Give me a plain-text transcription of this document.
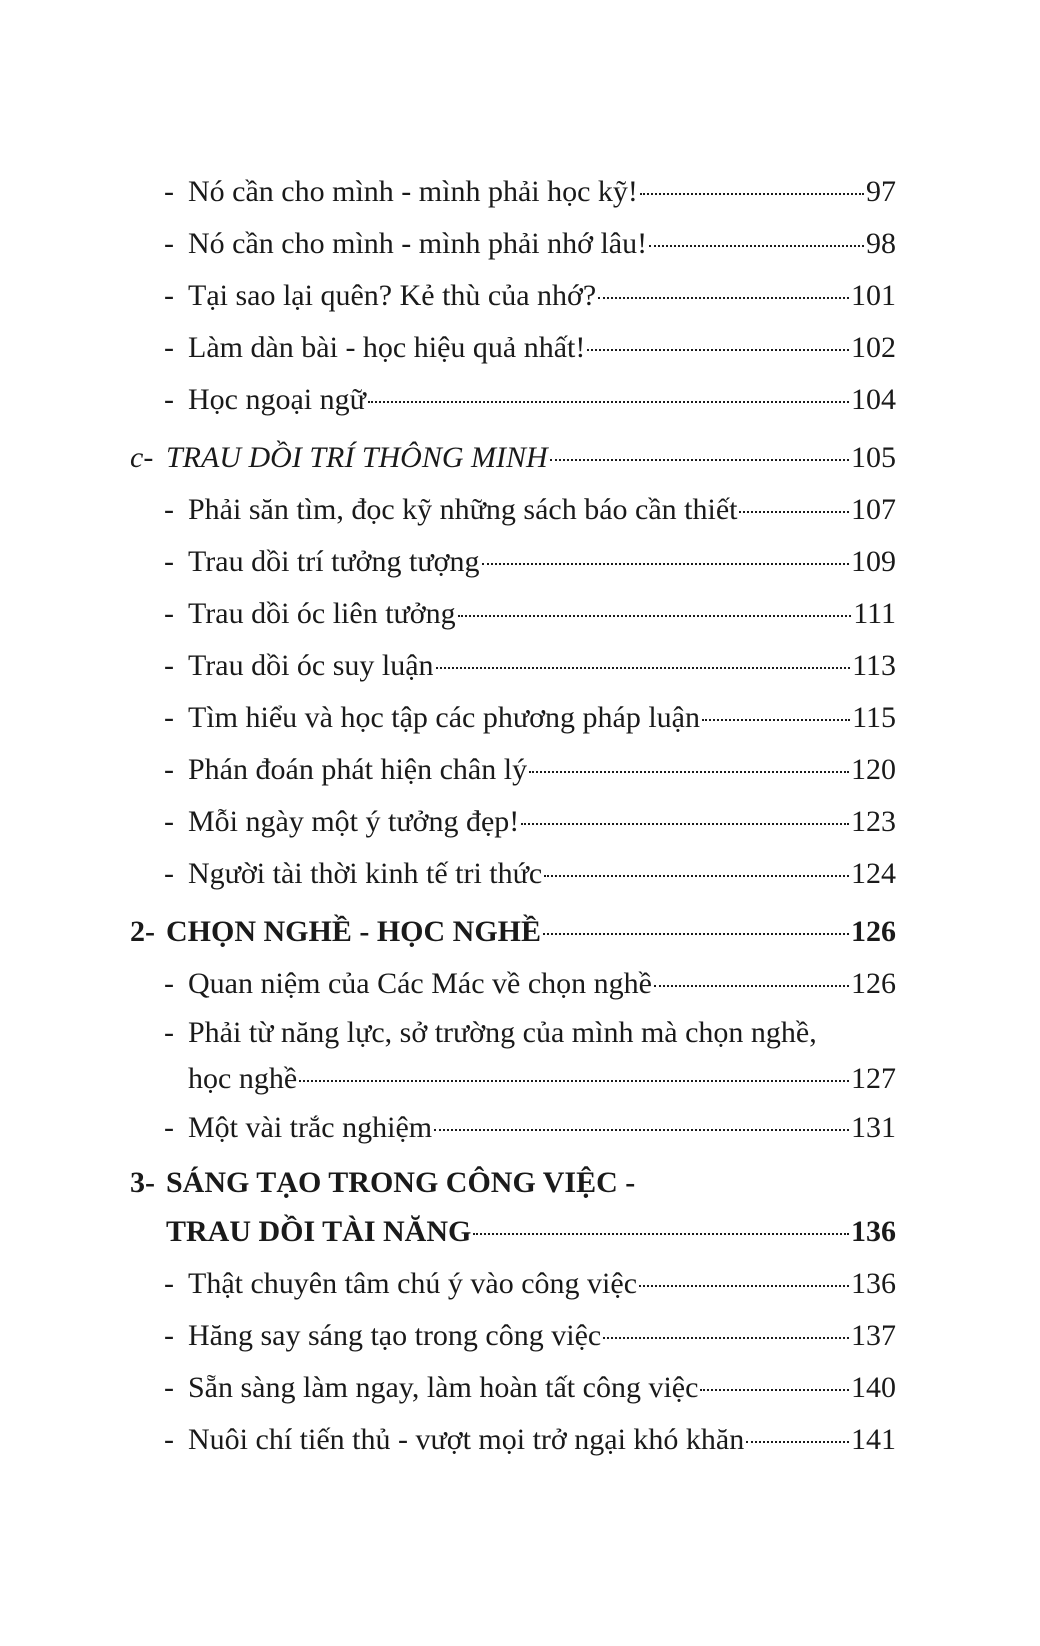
- Nó cần cho mình - mình phải học kỹ!	97
- Nó cần cho mình - mình phải nhớ lâu!	98
- Tại sao lại quên? Kẻ thù của nhớ?	101
- Làm dàn bài - học hiệu quả nhất!	102
- Học ngoại ngữ	104
c- TRAU DỒI TRÍ THÔNG MINH	105
- Phải săn tìm, đọc kỹ những sách báo cần thiết	107
- Trau dồi trí tưởng tượng	109
- Trau dồi óc liên tưởng	111
- Trau dồi óc suy luận	113
- Tìm hiểu và học tập các phương pháp luận	115
- Phán đoán phát hiện chân lý	120
- Mỗi ngày một ý tưởng đẹp!	123
- Người tài thời kinh tế tri thức	124
2- CHỌN NGHỀ - HỌC NGHỀ	126
- Quan niệm của Các Mác về chọn nghề	126
- Phải từ năng lực, sở trường của mình mà chọn nghề,
học nghề	127
- Một vài trắc nghiệm	131
3- SÁNG TẠO TRONG CÔNG VIỆC -
TRAU DỒI TÀI NĂNG	136
- Thật chuyên tâm chú ý vào công việc	136
- Hăng say sáng tạo trong công việc	137
- Sẵn sàng làm ngay, làm hoàn tất công việc	140
- Nuôi chí tiến thủ - vượt mọi trở ngại khó khăn	141
